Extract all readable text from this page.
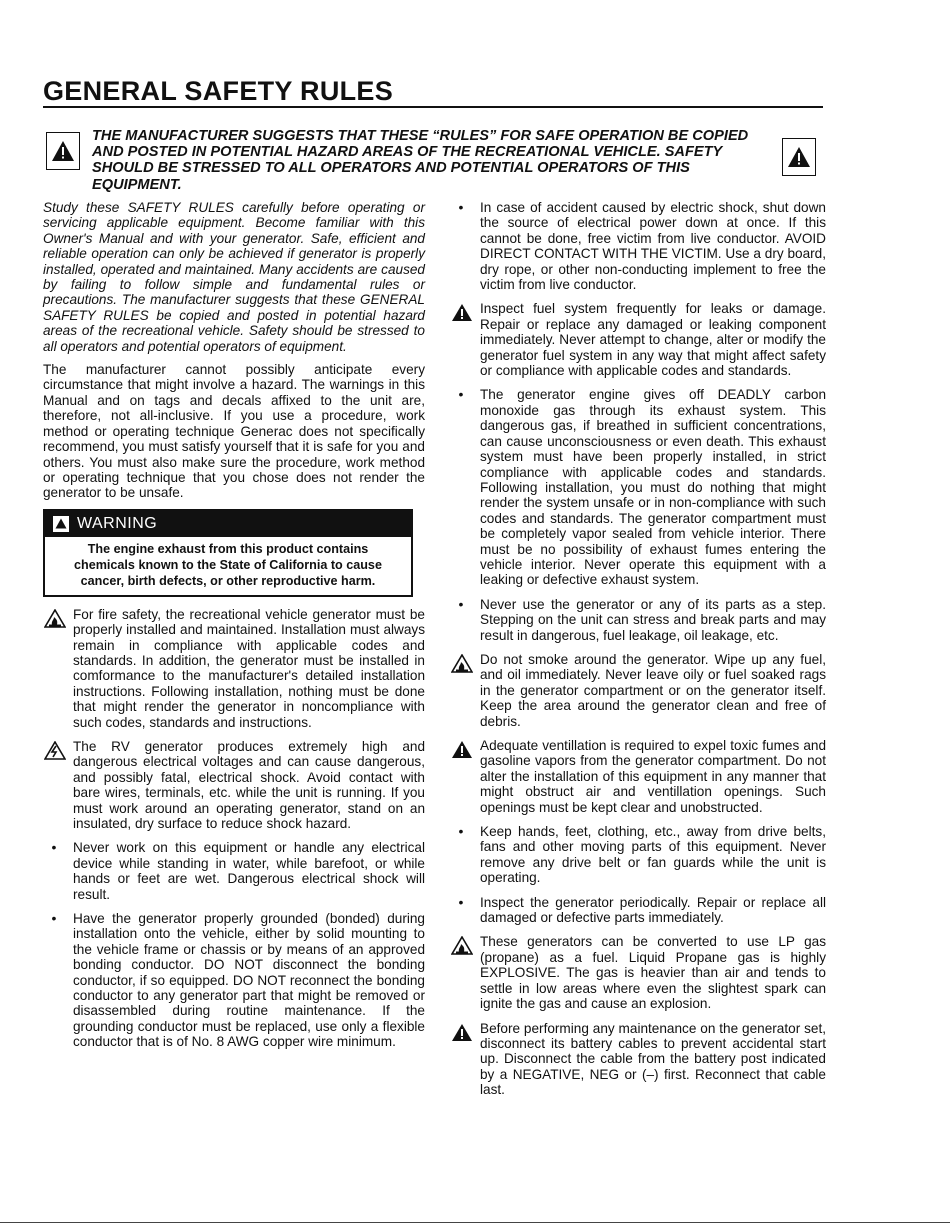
GENERAL SAFETY RULES
THE MANUFACTURER SUGGESTS THAT THESE “RULES” FOR SAFE OPERATION BE COPIED AND POSTED IN POTENTIAL HAZARD AREAS OF THE RECREATIONAL VEHICLE. SAFETY SHOULD BE STRESSED TO ALL OPERATORS AND POTENTIAL OPERATORS OF THIS EQUIPMENT.

Study these SAFETY RULES carefully before operating or servicing applicable equipment. Become familiar with this Owner's Manual and with your generator. Safe, efficient and reliable operation can only be achieved if generator is properly installed, operated and maintained. Many accidents are caused by failing to follow simple and fundamental rules or precautions. The manufacturer suggests that these GENERAL SAFETY RULES be copied and posted in potential hazard areas of the recreational vehicle. Safety should be stressed to all operators and potential operators of equipment.

The manufacturer cannot possibly anticipate every circumstance that might involve a hazard. The warnings in this Manual and on tags and decals affixed to the unit are, therefore, not all-inclusive. If you use a procedure, work method or operating technique Generac does not specifically recommend, you must satisfy yourself that it is safe for you and others. You must also make sure the procedure, work method or operating technique that you chose does not render the generator to be unsafe.

WARNING
The engine exhaust from this product contains chemicals known to the State of California to cause cancer, birth defects, or other reproductive harm.
For fire safety, the recreational vehicle generator must be properly installed and maintained. Installation must always remain in compliance with applicable codes and standards. In addition, the generator must be installed in comformance to the manufacturer's detailed installation instructions. Following installation, nothing must be done that might render the generator in noncompliance with such codes, standards and instructions.
The RV generator produces extremely high and dangerous electrical voltages and can cause dangerous, and possibly fatal, electrical shock. Avoid contact with bare wires, terminals, etc. while the unit is running. If you must work around an operating generator, stand on an insulated, dry surface to reduce shock hazard.
•	Never work on this equipment or handle any electrical device while standing in water, while barefoot, or while hands or feet are wet. Dangerous electrical shock will result.
•	Have the generator properly grounded (bonded) during installation onto the vehicle, either by solid mounting to the vehicle frame or chassis or by means of an approved bonding conductor. DO NOT disconnect the bonding conductor, if so equipped. DO NOT reconnect the bonding conductor to any generator part that might be removed or disassembled during routine maintenance. If the grounding conductor must be replaced, use only a flexible conductor that is of No. 8 AWG copper wire minimum.
•	In case of accident caused by electric shock, shut down the source of electrical power down at once. If this cannot be done, free victim from live conductor. AVOID DIRECT CONTACT WITH THE VICTIM. Use a dry board, dry rope, or other non-conducting implement to free the victim from live conductor.
Inspect fuel system frequently for leaks or damage. Repair or replace any damaged or leaking component immediately. Never attempt to change, alter or modify the generator fuel system in any way that might affect safety or compliance with applicable codes and standards.
•	The generator engine gives off DEADLY carbon monoxide gas through its exhaust system. This dangerous gas, if breathed in sufficient concentrations, can cause unconsciousness or even death. This exhaust system must have been properly installed, in strict compliance with applicable codes and standards. Following installation, you must do nothing that might render the system unsafe or in non-compliance with such codes and standards. The generator compartment must be completely vapor sealed from vehicle interior. There must be no possibility of exhaust fumes entering the vehicle interior. Never operate this equipment with a leaking or defective exhaust system.
•	Never use the generator or any of its parts as a step. Stepping on the unit can stress and break parts and may result in dangerous, fuel leakage, oil leakage, etc.
Do not smoke around the generator. Wipe up any fuel, and oil immediately. Never leave oily or fuel soaked rags in the generator compartment or on the generator itself. Keep the area around the generator clean and free of debris.
Adequate ventillation is required to expel toxic fumes and gasoline vapors from the generator compartment. Do not alter the installation of this equipment in any manner that might obstruct air and ventillation openings. Such openings must be kept clear and unobstructed.
•	Keep hands, feet, clothing, etc., away from drive belts, fans and other moving parts of this equipment. Never remove any drive belt or fan guards while the unit is operating.
•	Inspect the generator periodically. Repair or replace all damaged or defective parts immediately.
These generators can be converted to use LP gas (propane) as a fuel. Liquid Propane gas is highly EXPLOSIVE. The gas is heavier than air and tends to settle in low areas where even the slightest spark can ignite the gas and cause an explosion.
Before performing any maintenance on the generator set, disconnect its battery cables to prevent accidental start up. Disconnect the cable from the battery post indicated by a NEGATIVE, NEG or (–) first. Reconnect that cable last.
